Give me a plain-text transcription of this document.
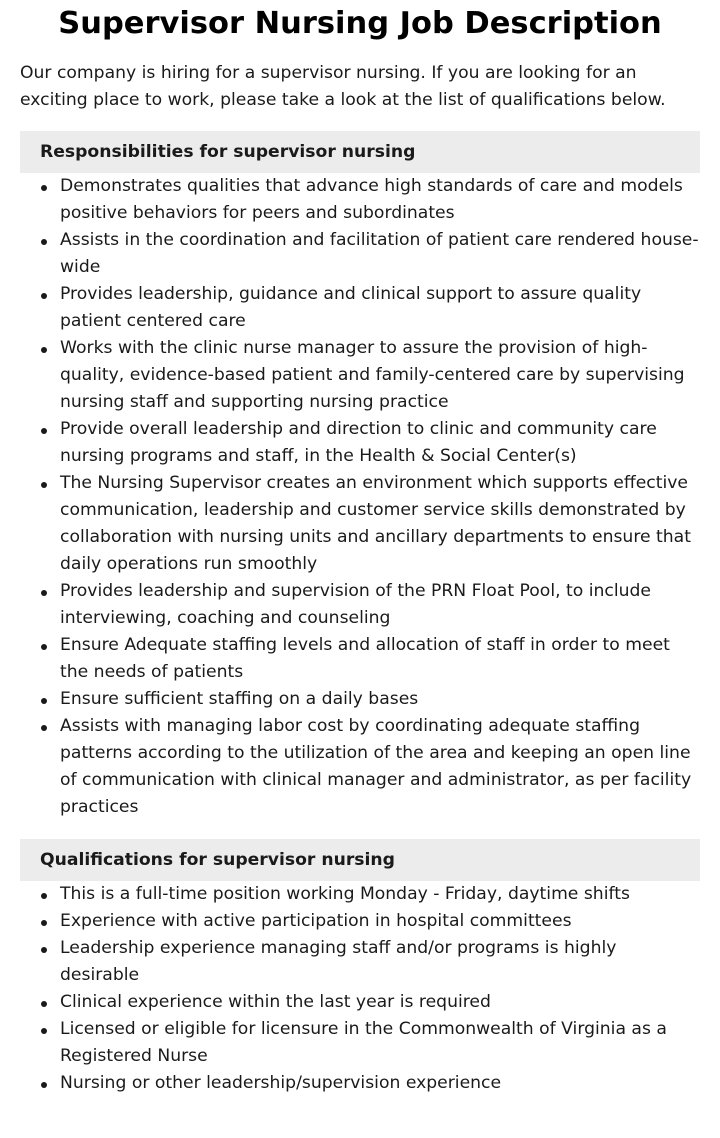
Supervisor Nursing Job Description

Our company is hiring for a supervisor nursing. If you are looking for an exciting place to work, please take a look at the list of qualifications below.

Responsibilities for supervisor nursing
Demonstrates qualities that advance high standards of care and models positive behaviors for peers and subordinates
Assists in the coordination and facilitation of patient care rendered house-wide
Provides leadership, guidance and clinical support to assure quality patient centered care
Works with the clinic nurse manager to assure the provision of high-quality, evidence-based patient and family-centered care by supervising nursing staff and supporting nursing practice
Provide overall leadership and direction to clinic and community care nursing programs and staff, in the Health & Social Center(s)
The Nursing Supervisor creates an environment which supports effective communication, leadership and customer service skills demonstrated by collaboration with nursing units and ancillary departments to ensure that daily operations run smoothly
Provides leadership and supervision of the PRN Float Pool, to include interviewing, coaching and counseling
Ensure Adequate staffing levels and allocation of staff in order to meet the needs of patients
Ensure sufficient staffing on a daily bases
Assists with managing labor cost by coordinating adequate staffing patterns according to the utilization of the area and keeping an open line of communication with clinical manager and administrator, as per facility practices
Qualifications for supervisor nursing
This is a full-time position working Monday - Friday, daytime shifts
Experience with active participation in hospital committees
Leadership experience managing staff and/or programs is highly desirable
Clinical experience within the last year is required
Licensed or eligible for licensure in the Commonwealth of Virginia as a Registered Nurse
Nursing or other leadership/supervision experience
